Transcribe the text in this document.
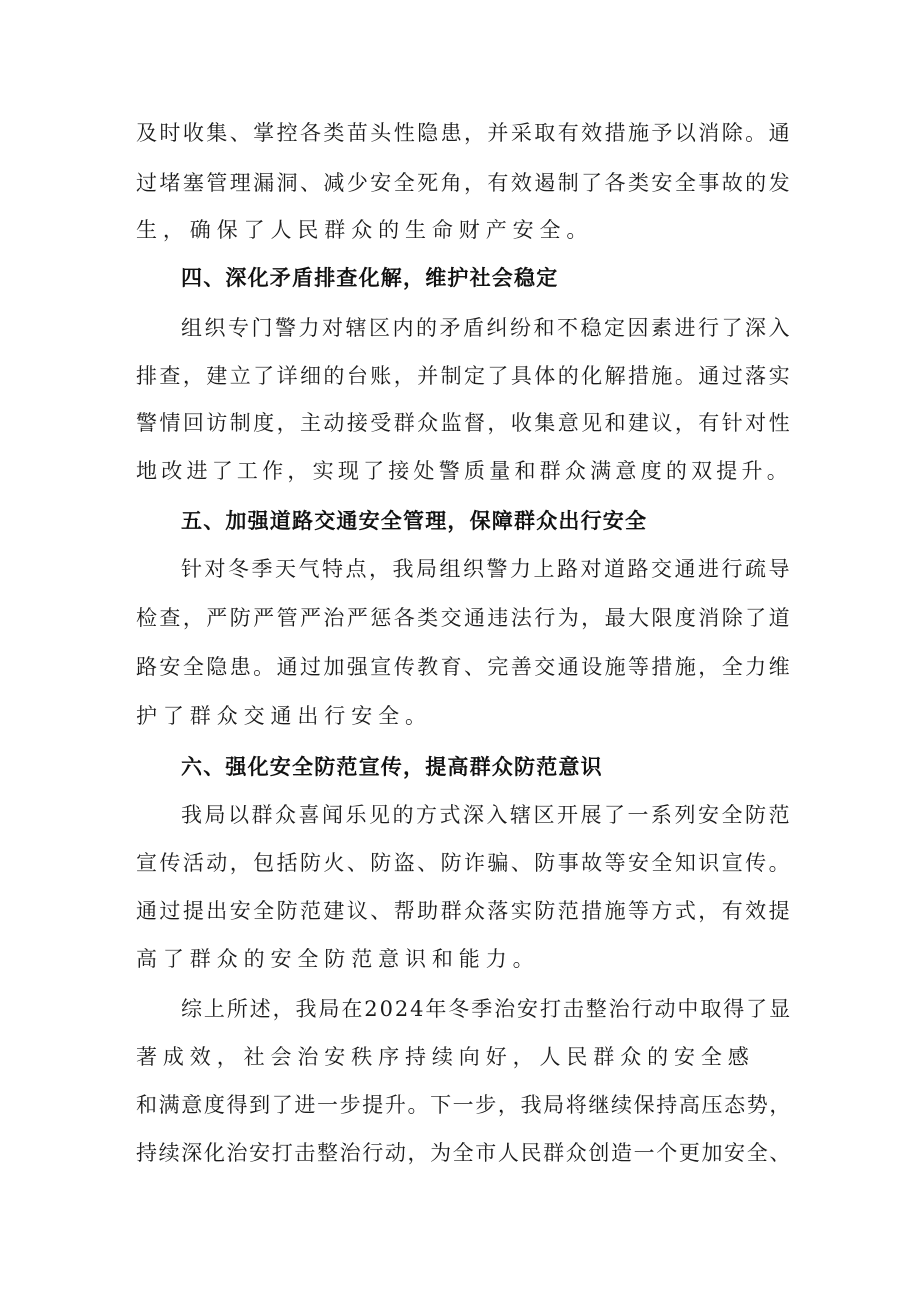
及时收集、掌控各类苗头性隐患，并采取有效措施予以消除。通
过堵塞管理漏洞、减少安全死角，有效遏制了各类安全事故的发
生，确保了人民群众的生命财产安全。
四、深化矛盾排查化解，维护社会稳定
组织专门警力对辖区内的矛盾纠纷和不稳定因素进行了深入
排查，建立了详细的台账，并制定了具体的化解措施。通过落实
警情回访制度，主动接受群众监督，收集意见和建议，有针对性
地改进了工作，实现了接处警质量和群众满意度的双提升。
五、加强道路交通安全管理，保障群众出行安全
针对冬季天气特点，我局组织警力上路对道路交通进行疏导
检查，严防严管严治严惩各类交通违法行为，最大限度消除了道
路安全隐患。通过加强宣传教育、完善交通设施等措施，全力维
护了群众交通出行安全。
六、强化安全防范宣传，提高群众防范意识
我局以群众喜闻乐见的方式深入辖区开展了一系列安全防范
宣传活动，包括防火、防盗、防诈骗、防事故等安全知识宣传。
通过提出安全防范建议、帮助群众落实防范措施等方式，有效提
高了群众的安全防范意识和能力。
综上所述，我局在2024年冬季治安打击整治行动中取得了显
著成效，社会治安秩序持续向好，人民群众的安全感
和满意度得到了进一步提升。下一步，我局将继续保持高压态势，
持续深化治安打击整治行动，为全市人民群众创造一个更加安全、
